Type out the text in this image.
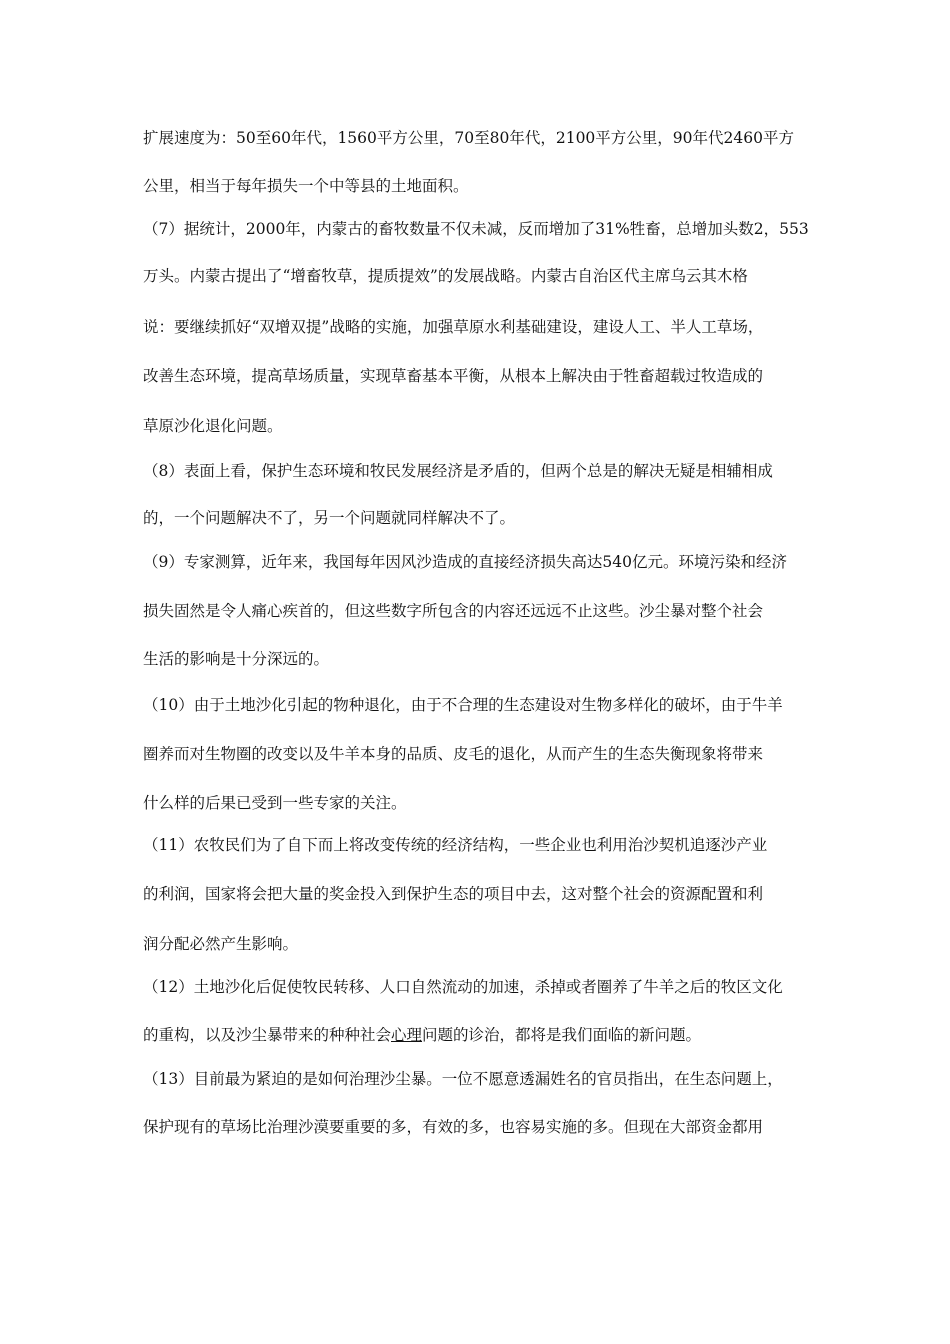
扩展速度为：50至60年代，1560平方公里，70至80年代，2100平方公里，90年代2460平方
公里，相当于每年损失一个中等县的土地面积。
（7）据统计，2000年，内蒙古的畜牧数量不仅未减，反而增加了31%牲畜，总增加头数2，553
万头。内蒙古提出了“增畜牧草，提质提效”的发展战略。内蒙古自治区代主席乌云其木格
说：要继续抓好“双增双提”战略的实施，加强草原水利基础建设，建设人工、半人工草场，
改善生态环境，提高草场质量，实现草畜基本平衡，从根本上解决由于牲畜超载过牧造成的
草原沙化退化问题。
（8）表面上看，保护生态环境和牧民发展经济是矛盾的，但两个总是的解决无疑是相辅相成
的，一个问题解决不了，另一个问题就同样解决不了。
（9）专家测算，近年来，我国每年因风沙造成的直接经济损失高达540亿元。环境污染和经济
损失固然是令人痛心疾首的，但这些数字所包含的内容还远远不止这些。沙尘暴对整个社会
生活的影响是十分深远的。
（10）由于土地沙化引起的物种退化，由于不合理的生态建设对生物多样化的破坏，由于牛羊
圈养而对生物圈的改变以及牛羊本身的品质、皮毛的退化，从而产生的生态失衡现象将带来
什么样的后果已受到一些专家的关注。
（11）农牧民们为了自下而上将改变传统的经济结构，一些企业也利用治沙契机追逐沙产业
的利润，国家将会把大量的奖金投入到保护生态的项目中去，这对整个社会的资源配置和利
润分配必然产生影响。
（12）土地沙化后促使牧民转移、人口自然流动的加速，杀掉或者圈养了牛羊之后的牧区文化
的重构，以及沙尘暴带来的种种社会心理问题的诊治，都将是我们面临的新问题。
（13）目前最为紧迫的是如何治理沙尘暴。一位不愿意透漏姓名的官员指出，在生态问题上，
保护现有的草场比治理沙漠要重要的多，有效的多，也容易实施的多。但现在大部资金都用
